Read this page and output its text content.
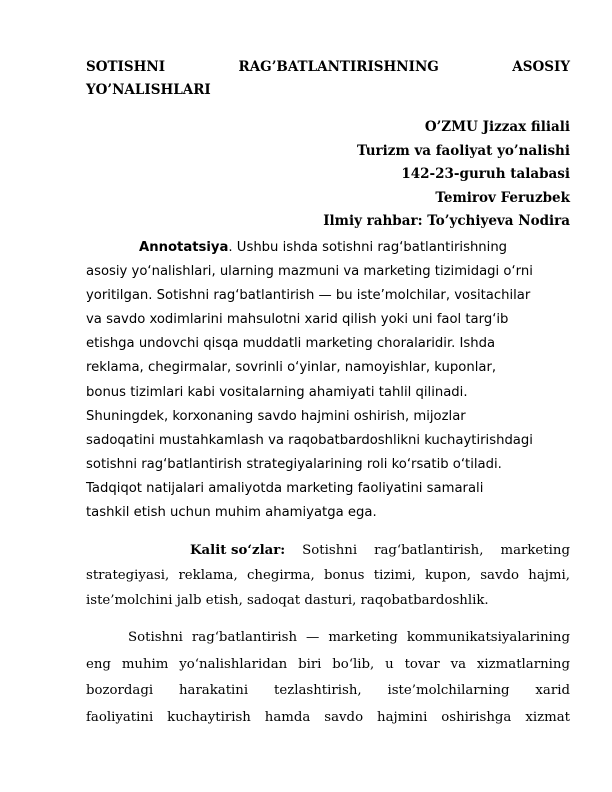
SOTISHNI	RAG’BATLANTIRISHNING	ASOSIY
YO’NALISHLARI
O’ZMU Jizzax filiali
Turizm va faoliyat yo’nalishi
142-23-guruh talabasi
Temirov Feruzbek
Ilmiy rahbar: To’ychiyeva Nodira
Annotatsiya. Ushbu ishda sotishni rag‘batlantirishning
asosiy yo‘nalishlari, ularning mazmuni va marketing tizimidagi o‘rni
yoritilgan. Sotishni rag‘batlantirish — bu iste’molchilar, vositachilar
va savdo xodimlarini mahsulotni xarid qilish yoki uni faol targ‘ib
etishga undovchi qisqa muddatli marketing choralaridir. Ishda
reklama, chegirmalar, sovrinli o‘yinlar, namoyishlar, kuponlar,
bonus tizimlari kabi vositalarning ahamiyati tahlil qilinadi.
Shuningdek, korxonaning savdo hajmini oshirish, mijozlar
sadoqatini mustahkamlash va raqobatbardoshlikni kuchaytirishdagi
sotishni rag‘batlantirish strategiyalarining roli ko‘rsatib o‘tiladi.
Tadqiqot natijalari amaliyotda marketing faoliyatini samarali
tashkil etish uchun muhim ahamiyatga ega.
Kalit so‘zlar: Sotishni rag‘batlantirish, marketing
strategiyasi, reklama, chegirma, bonus tizimi, kupon, savdo hajmi,
iste’molchini jalb etish, sadoqat dasturi, raqobatbardoshlik.
Sotishni rag‘batlantirish — marketing kommunikatsiyalarining
eng muhim yo‘nalishlaridan biri bo‘lib, u tovar va xizmatlarning
bozordagi harakatini tezlashtirish, iste’molchilarning xarid
faoliyatini kuchaytirish hamda savdo hajmini oshirishga xizmat
